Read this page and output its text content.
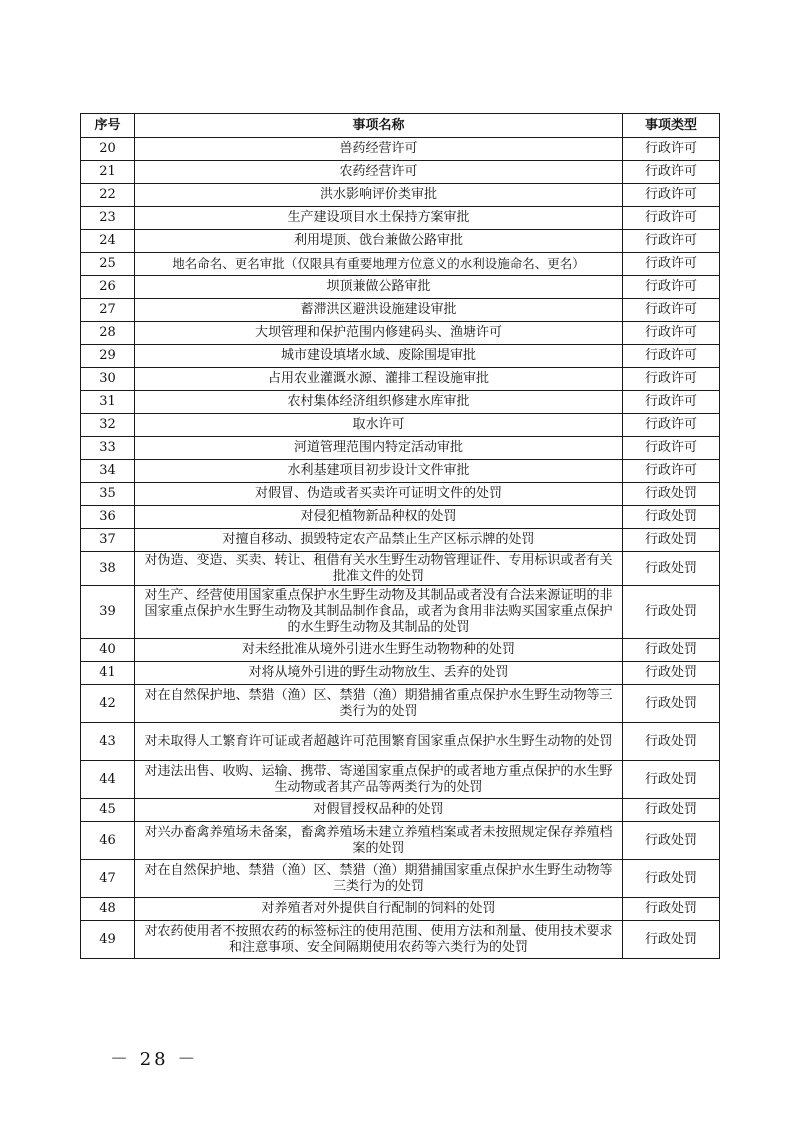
序号	事项名称	事项类型
20	兽药经营许可	行政许可
21	农药经营许可	行政许可
22	洪水影响评价类审批	行政许可
23	生产建设项目水土保持方案审批	行政许可
24	利用堤顶、戗台兼做公路审批	行政许可
25	地名命名、更名审批（仅限具有重要地理方位意义的水利设施命名、更名）	行政许可
26	坝顶兼做公路审批	行政许可
27	蓄滞洪区避洪设施建设审批	行政许可
28	大坝管理和保护范围内修建码头、渔塘许可	行政许可
29	城市建设填堵水域、废除围堤审批	行政许可
30	占用农业灌溉水源、灌排工程设施审批	行政许可
31	农村集体经济组织修建水库审批	行政许可
32	取水许可	行政许可
33	河道管理范围内特定活动审批	行政许可
34	水利基建项目初步设计文件审批	行政许可
35	对假冒、伪造或者买卖许可证明文件的处罚	行政处罚
36	对侵犯植物新品种权的处罚	行政处罚
37	对擅自移动、损毁特定农产品禁止生产区标示牌的处罚	行政处罚
38	对伪造、变造、买卖、转让、租借有关水生野生动物管理证件、专用标识或者有关批准文件的处罚	行政处罚
39	对生产、经营使用国家重点保护水生野生动物及其制品或者没有合法来源证明的非国家重点保护水生野生动物及其制品制作食品，或者为食用非法购买国家重点保护的水生野生动物及其制品的处罚	行政处罚
40	对未经批准从境外引进水生野生动物物种的处罚	行政处罚
41	对将从境外引进的野生动物放生、丢弃的处罚	行政处罚
42	对在自然保护地、禁猎（渔）区、禁猎（渔）期猎捕省重点保护水生野生动物等三类行为的处罚	行政处罚
43	对未取得人工繁育许可证或者超越许可范围繁育国家重点保护水生野生动物的处罚	行政处罚
44	对违法出售、收购、运输、携带、寄递国家重点保护的或者地方重点保护的水生野生动物或者其产品等两类行为的处罚	行政处罚
45	对假冒授权品种的处罚	行政处罚
46	对兴办畜禽养殖场未备案，畜禽养殖场未建立养殖档案或者未按照规定保存养殖档案的处罚	行政处罚
47	对在自然保护地、禁猎（渔）区、禁猎（渔）期猎捕国家重点保护水生野生动物等三类行为的处罚	行政处罚
48	对养殖者对外提供自行配制的饲料的处罚	行政处罚
49	对农药使用者不按照农药的标签标注的使用范围、使用方法和剂量、使用技术要求和注意事项、安全间隔期使用农药等六类行为的处罚	行政处罚
－ 28 －
